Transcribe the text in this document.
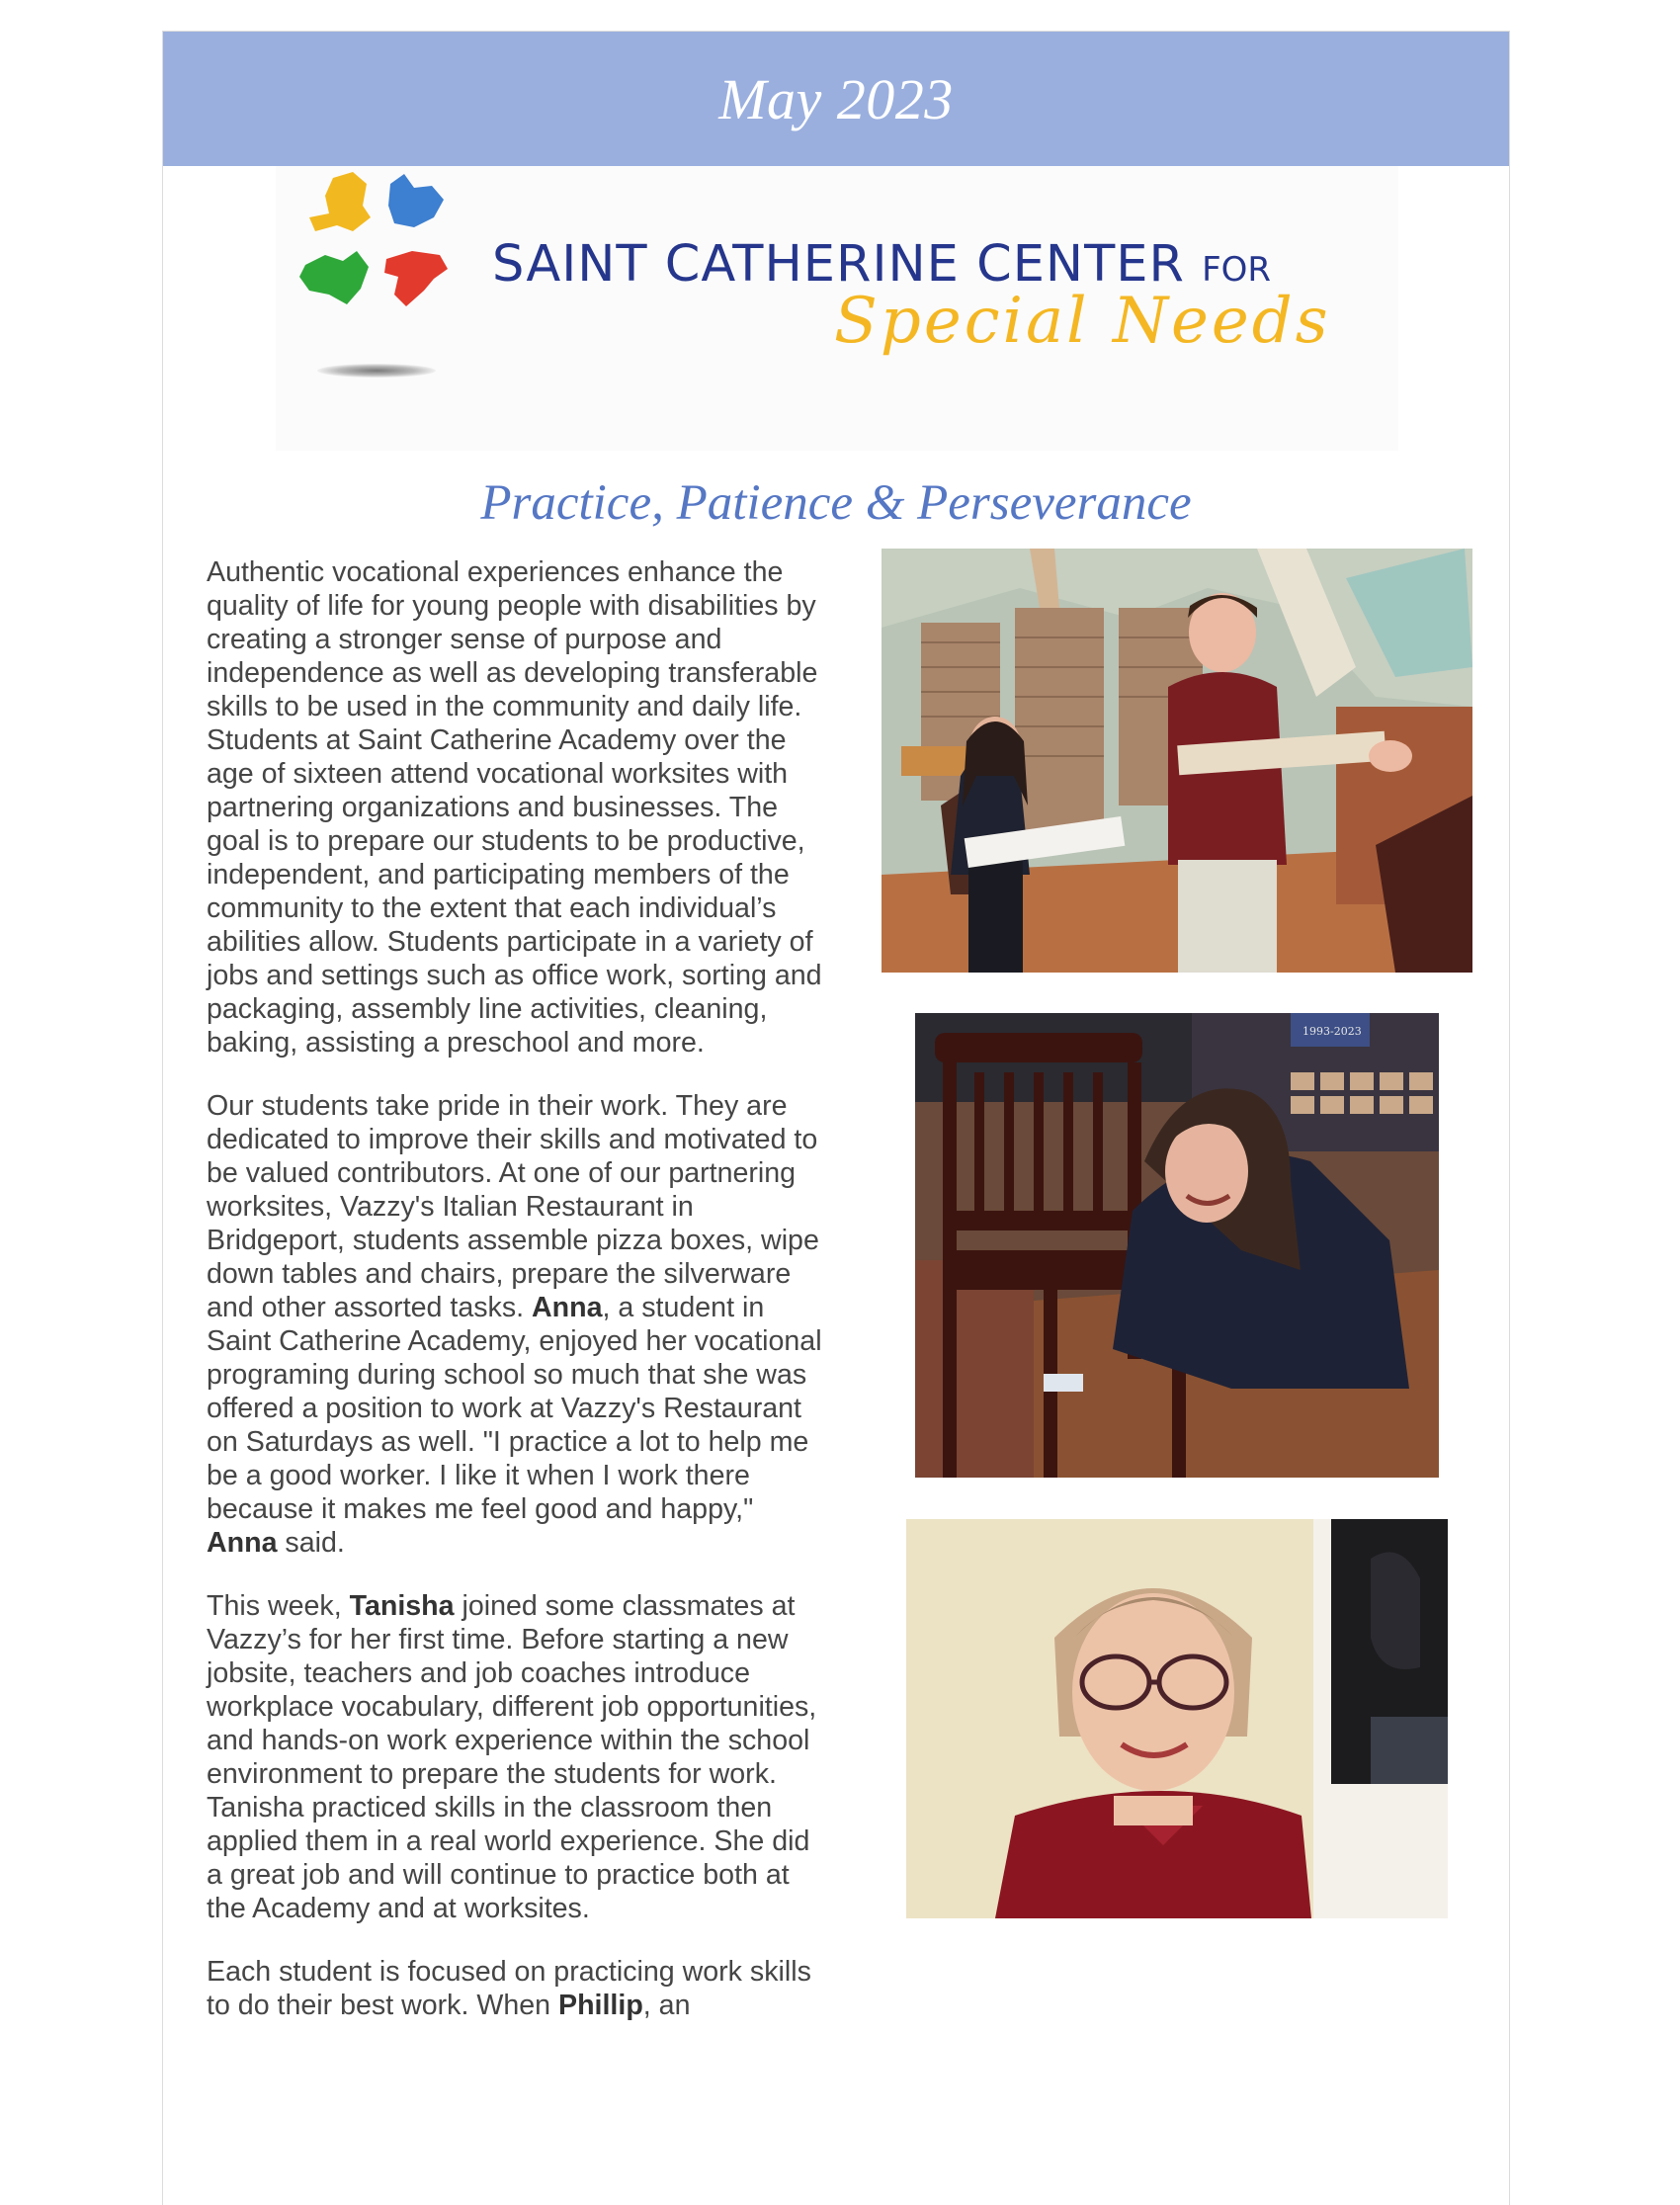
May 2023
SAINT CATHERINE CENTER FOR
Special Needs
Practice, Patience & Perseverance

Authentic vocational experiences enhance the quality of life for young people with disabilities by creating a stronger sense of purpose and independence as well as developing transferable skills to be used in the community and daily life. Students at Saint Catherine Academy over the age of sixteen attend vocational worksites with partnering organizations and businesses. The goal is to prepare our students to be productive, independent, and participating members of the community to the extent that each individual’s abilities allow. Students participate in a variety of jobs and settings such as office work, sorting and packaging, assembly line activities, cleaning, baking, assisting a preschool and more.

Our students take pride in their work. They are dedicated to improve their skills and motivated to be valued contributors. At one of our partnering worksites, Vazzy's Italian Restaurant in Bridgeport, students assemble pizza boxes, wipe down tables and chairs, prepare the silverware and other assorted tasks. Anna, a student in Saint Catherine Academy, enjoyed her vocational programing during school so much that she was offered a position to work at Vazzy's Restaurant on Saturdays as well. "I practice a lot to help me be a good worker. I like it when I work there because it makes me feel good and happy," Anna said.

This week, Tanisha joined some classmates at Vazzy’s for her first time. Before starting a new jobsite, teachers and job coaches introduce workplace vocabulary, different job opportunities, and hands-on work experience within the school environment to prepare the students for work. Tanisha practiced skills in the classroom then applied them in a real world experience. She did a great job and will continue to practice both at the Academy and at worksites.

Each student is focused on practicing work skills to do their best work. When Phillip, an

1993-2023
